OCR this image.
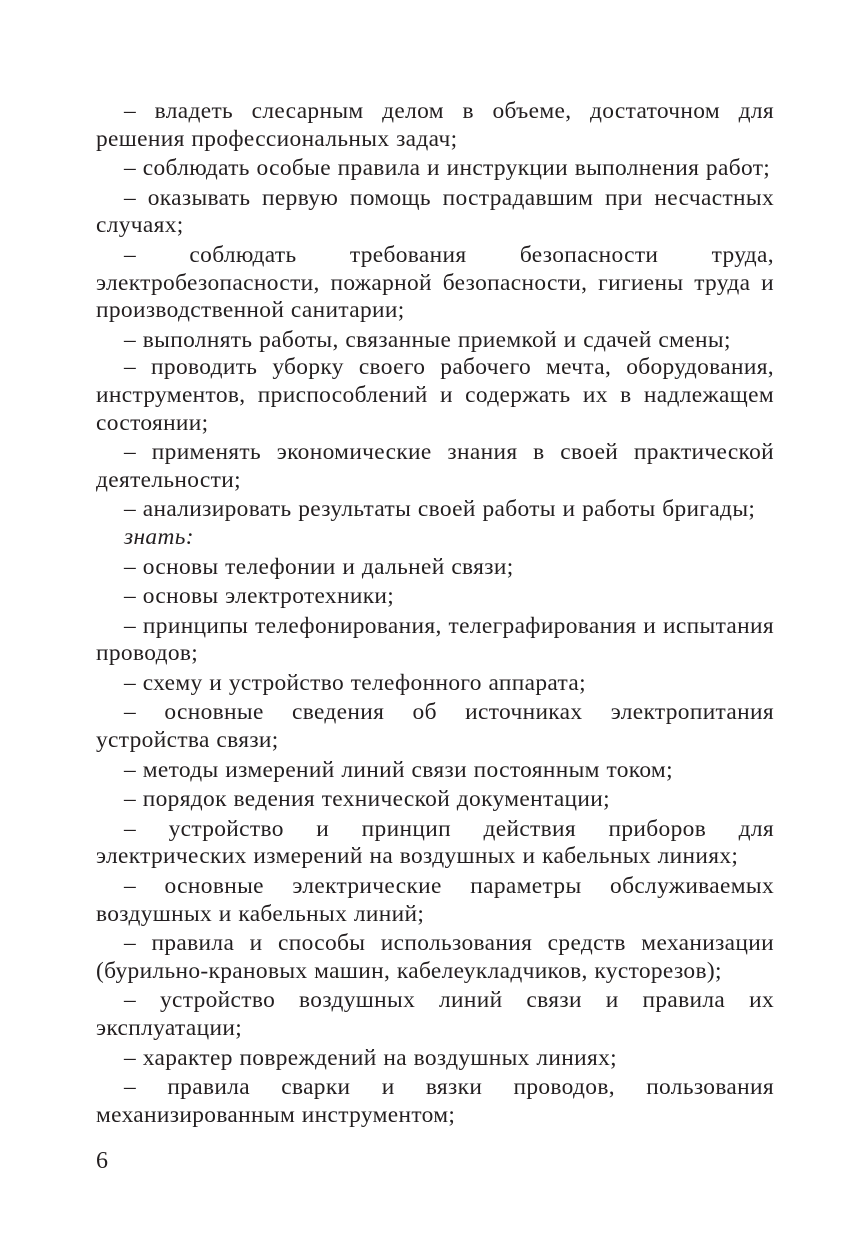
– владеть слесарным делом в объеме, достаточном для решения профессиональных задач;

– соблюдать особые правила и инструкции выполнения работ;

– оказывать первую помощь пострадавшим при несчастных случаях;

– соблюдать требования безопасности труда, электробезопасности, пожарной безопасности, гигиены труда и производственной санитарии;

– выполнять работы, связанные приемкой и сдачей смены;

– проводить уборку своего рабочего мечта, оборудования, инструментов, приспособлений и содержать их в надлежащем состоянии;

– применять экономические знания в своей практической деятельности;

– анализировать результаты своей работы и работы бригады;

знать:

– основы телефонии и дальней связи;

– основы электротехники;

– принципы телефонирования, телеграфирования и испытания проводов;

– схему и устройство телефонного аппарата;

– основные сведения об источниках электропитания устройства связи;

– методы измерений линий связи постоянным током;

– порядок ведения технической документации;

– устройство и принцип действия приборов для электрических измерений на воздушных и кабельных линиях;

– основные электрические параметры обслуживаемых воздушных и кабельных линий;

– правила и способы использования средств механизации (бурильно-крановых машин, кабелеукладчиков, кусторезов);

– устройство воздушных линий связи и правила их эксплуатации;

– характер повреждений на воздушных линиях;

– правила сварки и вязки проводов, пользования механизированным инструментом;

6
